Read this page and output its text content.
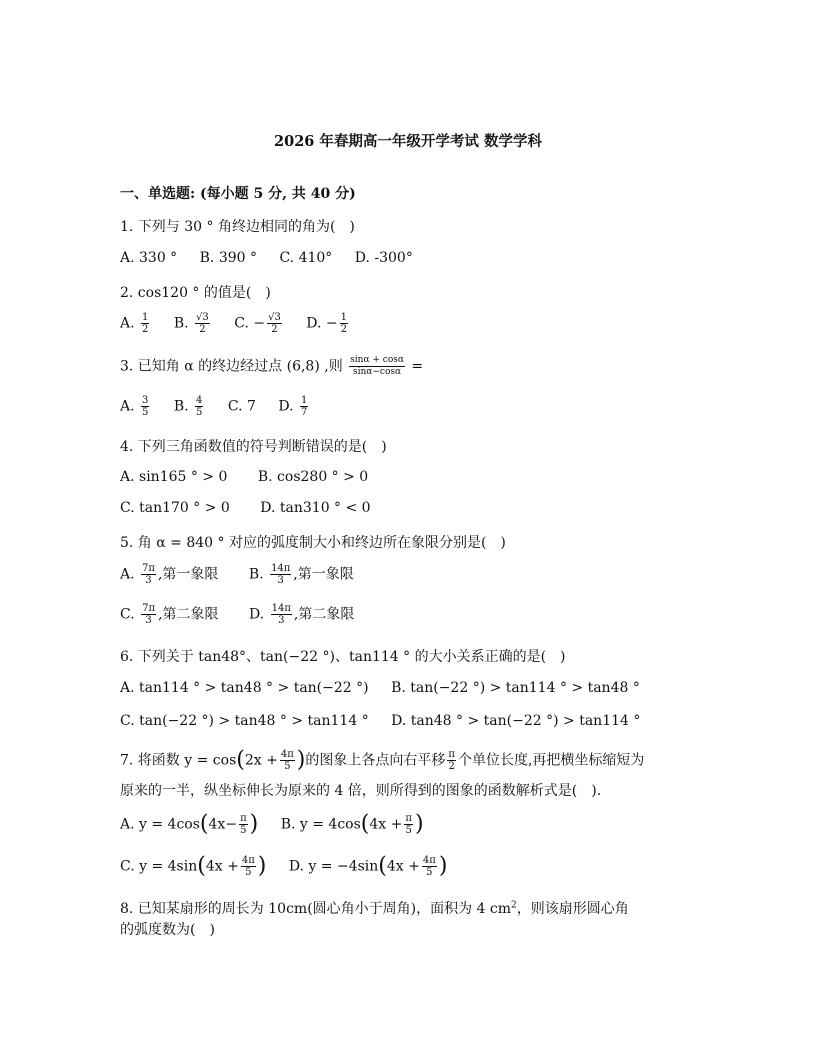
2026 年春期高一年级开学考试 数学学科
一、单选题: (每小题 5 分, 共 40 分)
1. 下列与 30 ° 角终边相同的角为(　)
A. 330 ° B. 390 ° C. 410° D. -300°
2. cos120 ° 的值是(　)
A. $\frac{1}{2} B$. $\frac{√3}{2} C$. − $\frac{√3}{2} D$. − $\frac{1}{2}$
3. 已知角 α 的终边经过点 (6,8) ,则 $\frac{\sin\alpha + \cos\alpha}{\sin\alpha-\cos\alpha}$ =
A. $\frac{3}{5} B$. $\frac{4}{5} C$. 7 D. $\frac{1}{7}$
4. 下列三角函数值的符号判断错误的是(　)
A. sin165 ° > 0 B. cos280 ° > 0
C. tan170 ° > 0 D. tan310 ° < 0
5. 角 α = 840 ° 对应的弧度制大小和终边所在象限分别是(　)
A. $\frac{7\pi}{3}$ ,第一象限 B. $\frac{14\pi}{3}$ ,第一象限
C. $\frac{7\pi}{3}$ ,第二象限 D. $\frac{14\pi}{3}$ ,第二象限
6. 下列关于 tan48°、tan(−22 °)、tan114 ° 的大小关系正确的是(　)
A. tan114 ° > tan48 ° > tan(−22 °) B. tan(−22 °) > tan114 ° > tan48 °
C. tan(−22 °) > tan48 ° > tan114 ° D. tan48 ° > tan(−22 °) > tan114 °
7. 将函数 $y = \cos(2x + \frac{4\pi}{5}$ )的图象上各点向右平移 $\frac{\pi}{2}$ 个单位长度,再把横坐标缩短为
原来的一半，纵坐标伸长为原来的 4 倍，则所得到的图象的函数解析式是(　).
A. $y = 4\cos(4x- \frac{\pi}{5}$ ) B. $y = 4\cos(4x + \frac{\pi}{5}$ )
C. $y = 4\sin(4x + \frac{4\pi}{5}$ ) D. $y = -4\sin(4x + \frac{4\pi}{5}$ )
8. 已知某扇形的周长为 10cm(圆心角小于周角)，面积为 4 $cm^2$，则该扇形圆心角
的弧度数为(　)
